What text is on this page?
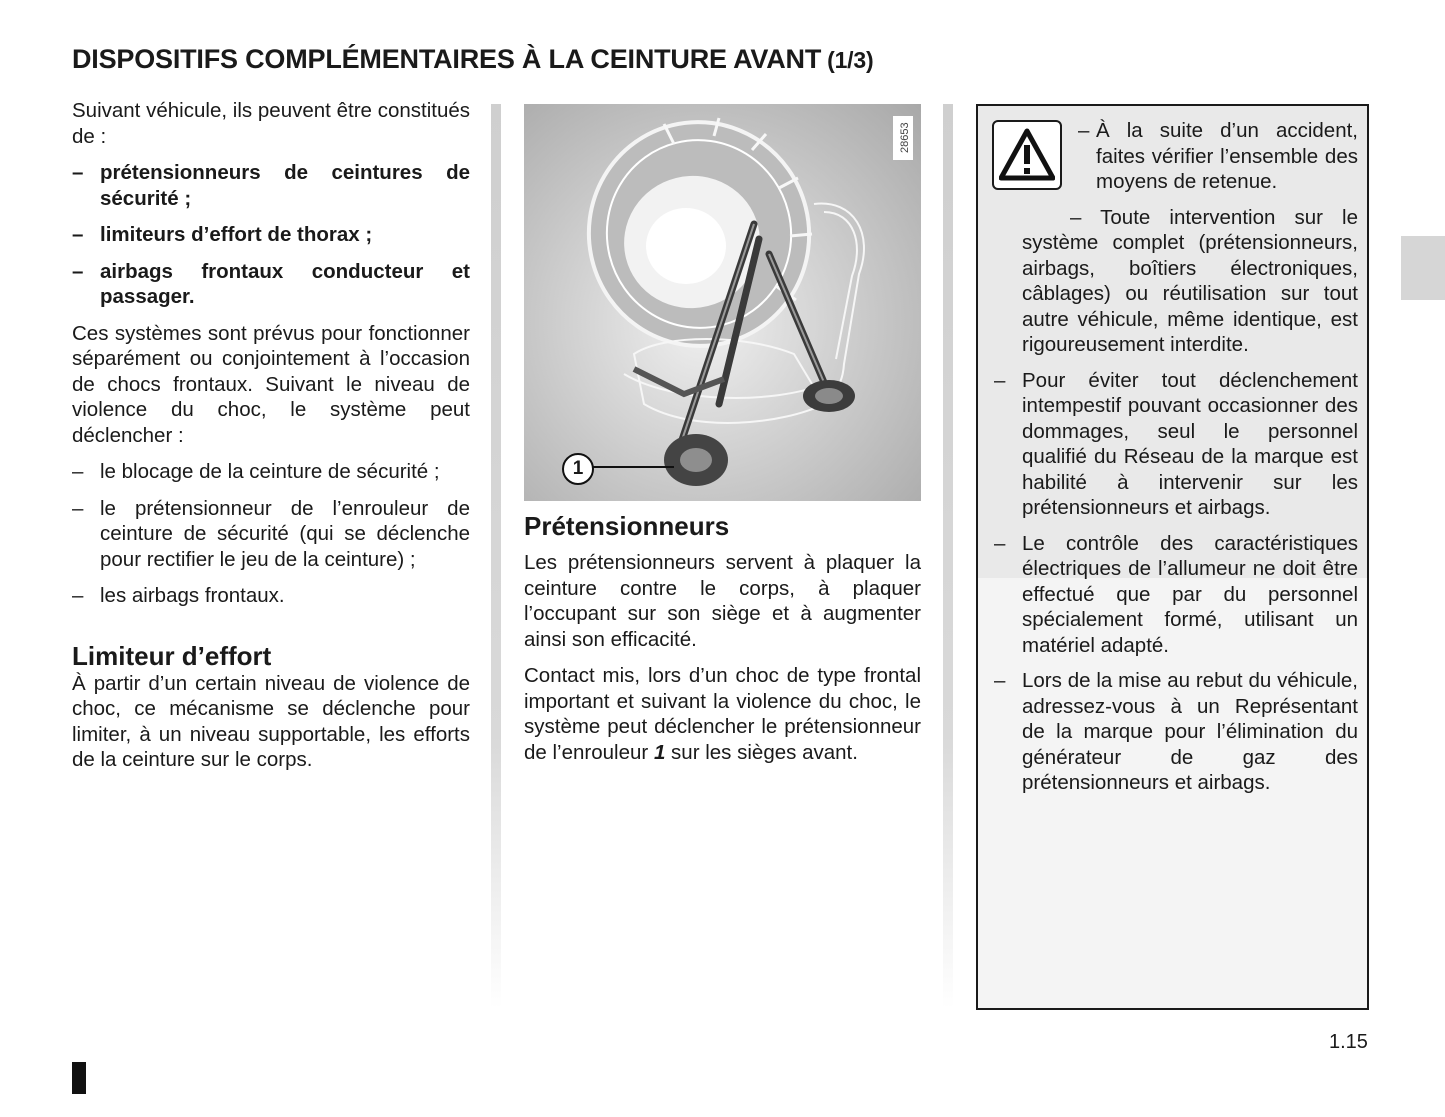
DISPOSITIFS COMPLÉMENTAIRES À LA CEINTURE AVANT (1/3)

Suivant véhicule, ils peuvent être constitués de :

– prétensionneurs de ceintures de sécurité ;
– limiteurs d’effort de thorax ;
– airbags frontaux conducteur et passager.

Ces systèmes sont prévus pour fonctionner séparément ou conjointement à l’occasion de chocs frontaux. Suivant le niveau de violence du choc, le système peut déclencher :

– le blocage de la ceinture de sécurité ;
– le prétensionneur de l’enrouleur de ceinture de sécurité (qui se déclenche pour rectifier le jeu de la ceinture) ;
– les airbags frontaux.
Limiteur d’effort

À partir d’un certain niveau de violence de choc, ce mécanisme se déclenche pour limiter, à un niveau supportable, les efforts de la ceinture sur le corps.

28653
1
Prétensionneurs

Les prétensionneurs servent à plaquer la ceinture contre le corps, à plaquer l’occupant sur son siège et à augmenter ainsi son efficacité.

Contact mis, lors d’un choc de type frontal important et suivant la violence du choc, le système peut déclencher le prétensionneur de l’enrouleur 1 sur les sièges avant.

– À la suite d’un accident, faites vérifier l’ensemble des moyens de retenue.
– Toute intervention sur le système complet (prétensionneurs, airbags, boîtiers électroniques, câblages) ou réutilisation sur tout autre véhicule, même identique, est rigoureusement interdite.
– Pour éviter tout déclenchement intempestif pouvant occasionner des dommages, seul le personnel qualifié du Réseau de la marque est habilité à intervenir sur les prétensionneurs et airbags.
– Le contrôle des caractéristiques électriques de l’allumeur ne doit être effectué que par du personnel spécialement formé, utilisant un matériel adapté.
– Lors de la mise au rebut du véhicule, adressez-vous à un Représentant de la marque pour l’élimination du générateur de gaz des prétensionneurs et airbags.
1.15
